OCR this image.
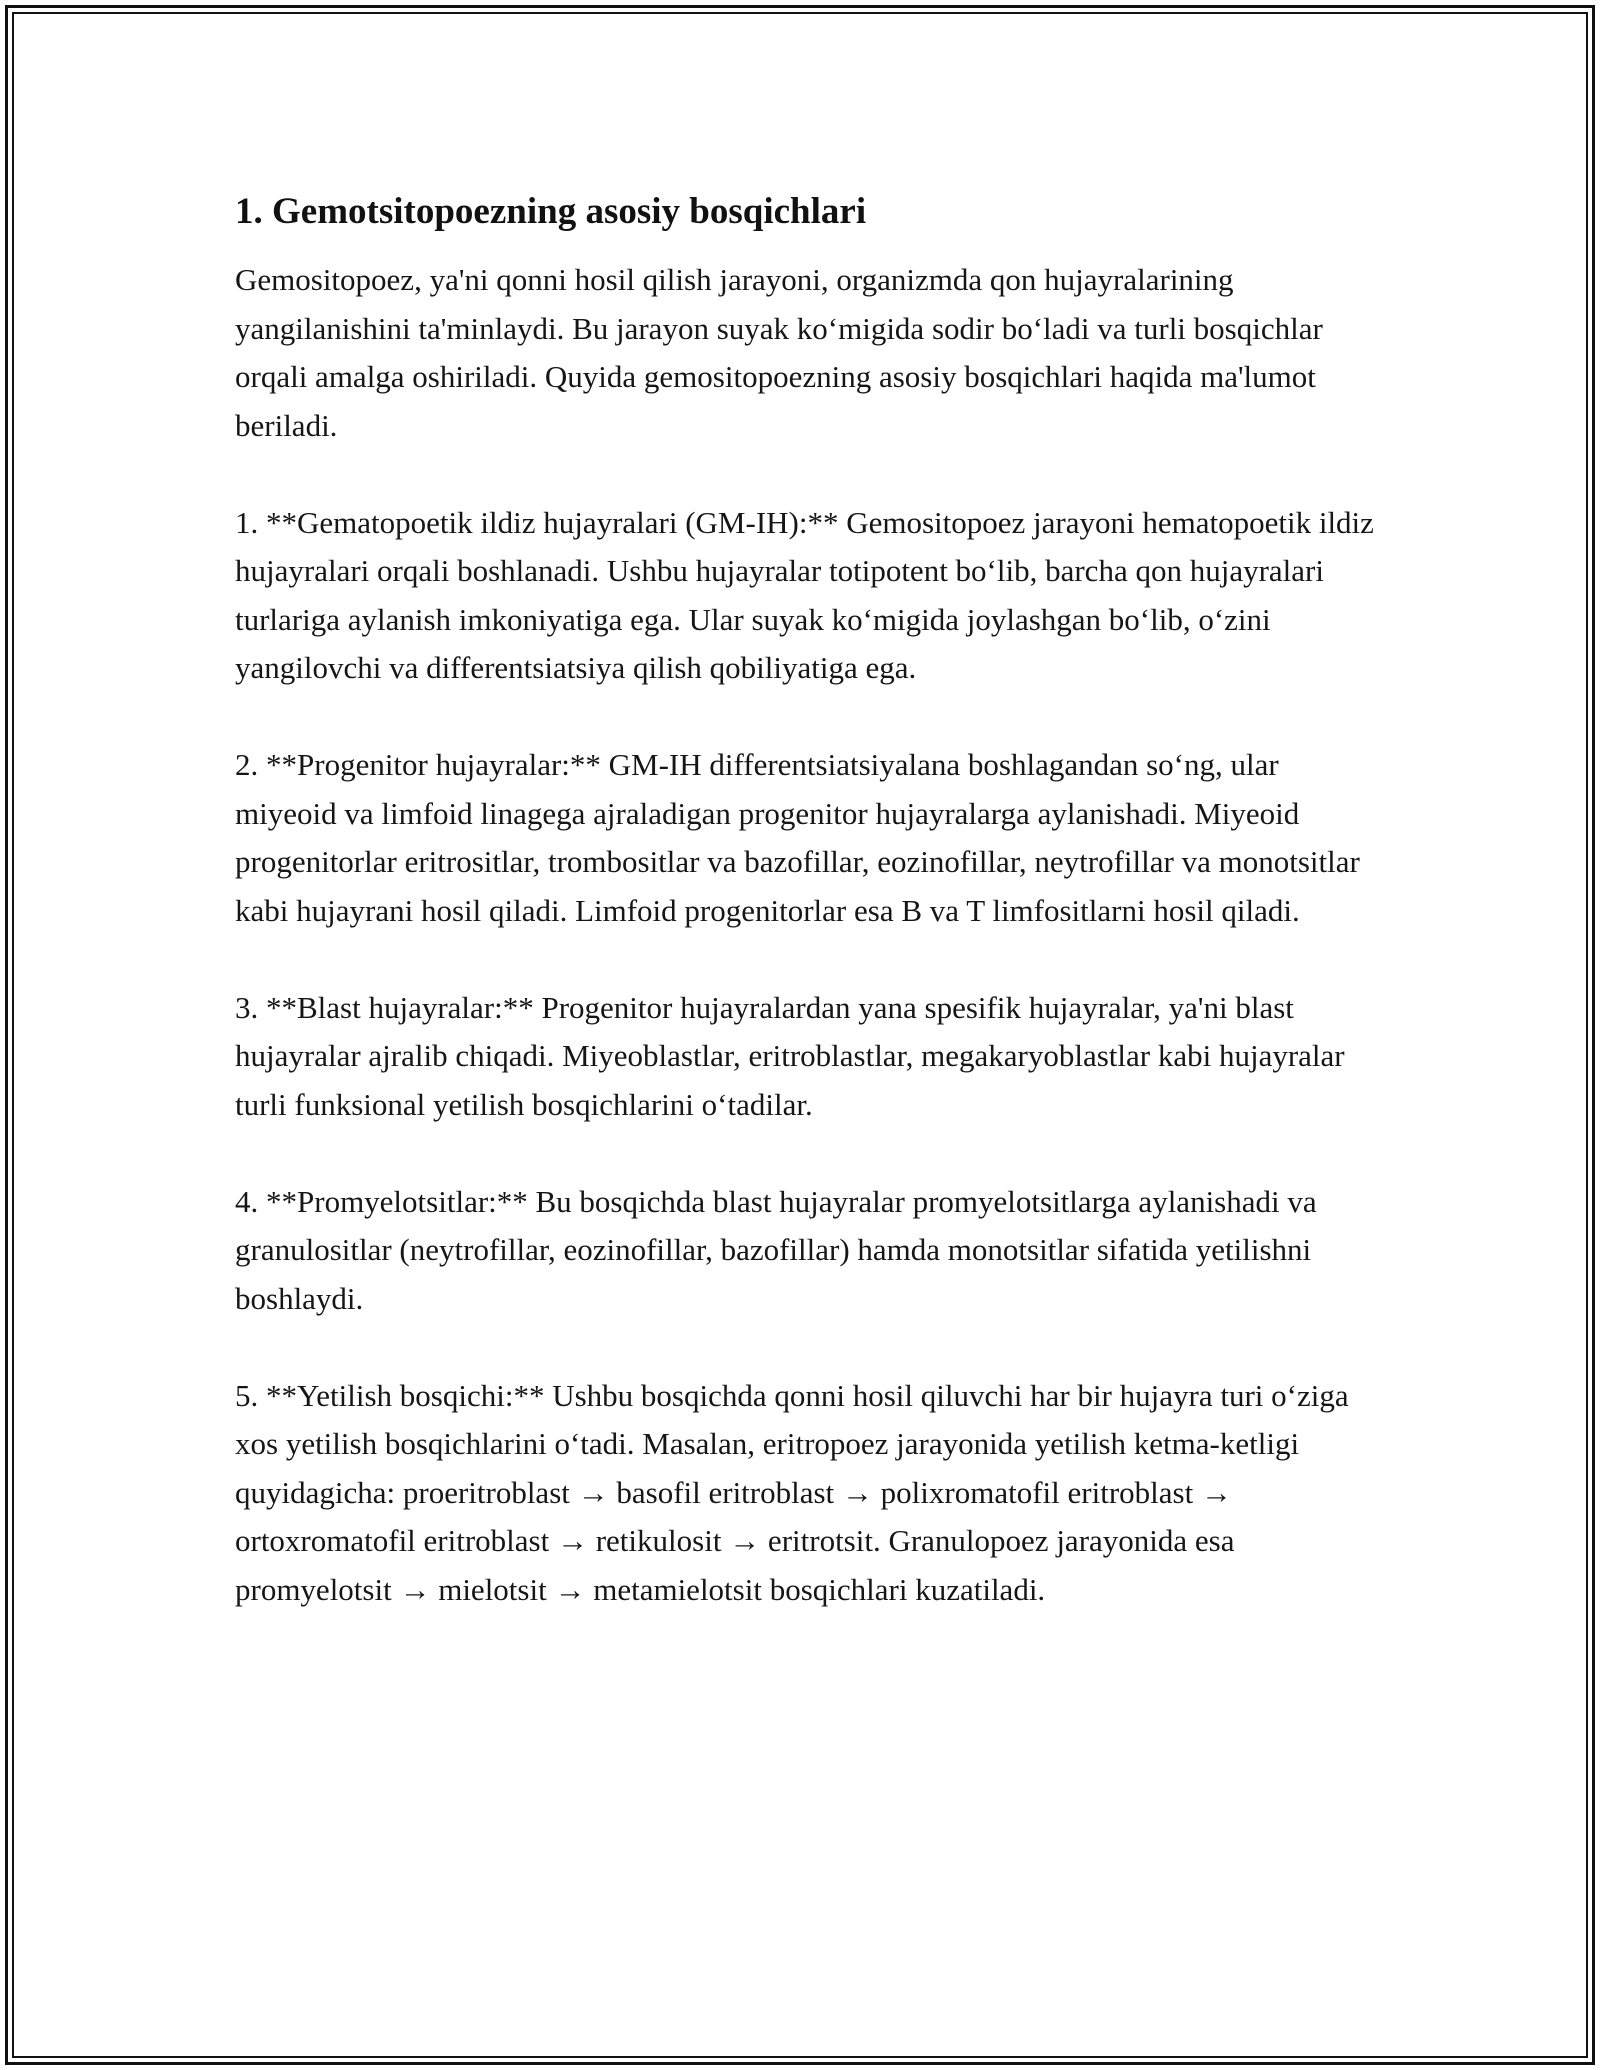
1. Gemotsitopoezning asosiy bosqichlari

Gemositopoez, ya'ni qonni hosil qilish jarayoni, organizmda qon hujayralarining yangilanishini ta'minlaydi. Bu jarayon suyak koʻmigida sodir boʻladi va turli bosqichlar orqali amalga oshiriladi. Quyida gemositopoezning asosiy bosqichlari haqida ma'lumot beriladi.

1. **Gematopoetik ildiz hujayralari (GM-IH):** Gemositopoez jarayoni hematopoetik ildiz hujayralari orqali boshlanadi. Ushbu hujayralar totipotent boʻlib, barcha qon hujayralari turlariga aylanish imkoniyatiga ega. Ular suyak koʻmigida joylashgan boʻlib, oʻzini yangilovchi va differentsiatsiya qilish qobiliyatiga ega.

2. **Progenitor hujayralar:** GM-IH differentsiatsiyalana boshlagandan soʻng, ular miyeoid va limfoid linagega ajraladigan progenitor hujayralarga aylanishadi. Miyeoid progenitorlar eritrositlar, trombositlar va bazofillar, eozinofillar, neytrofillar va monotsitlar kabi hujayrani hosil qiladi. Limfoid progenitorlar esa B va T limfositlarni hosil qiladi.

3. **Blast hujayralar:** Progenitor hujayralardan yana spesifik hujayralar, ya'ni blast hujayralar ajralib chiqadi. Miyeoblastlar, eritroblastlar, megakaryoblastlar kabi hujayralar turli funksional yetilish bosqichlarini oʻtadilar.

4. **Promyelotsitlar:** Bu bosqichda blast hujayralar promyelotsitlarga aylanishadi va granulositlar (neytrofillar, eozinofillar, bazofillar) hamda monotsitlar sifatida yetilishni boshlaydi.

5. **Yetilish bosqichi:** Ushbu bosqichda qonni hosil qiluvchi har bir hujayra turi oʻziga xos yetilish bosqichlarini oʻtadi. Masalan, eritropoez jarayonida yetilish ketma-ketligi quyidagicha: proeritroblast → basofil eritroblast → polixromatofil eritroblast → ortoxromatofil eritroblast → retikulosit → eritrotsit. Granulopoez jarayonida esa promyelotsit → mielotsit → metamielotsit bosqichlari kuzatiladi.
